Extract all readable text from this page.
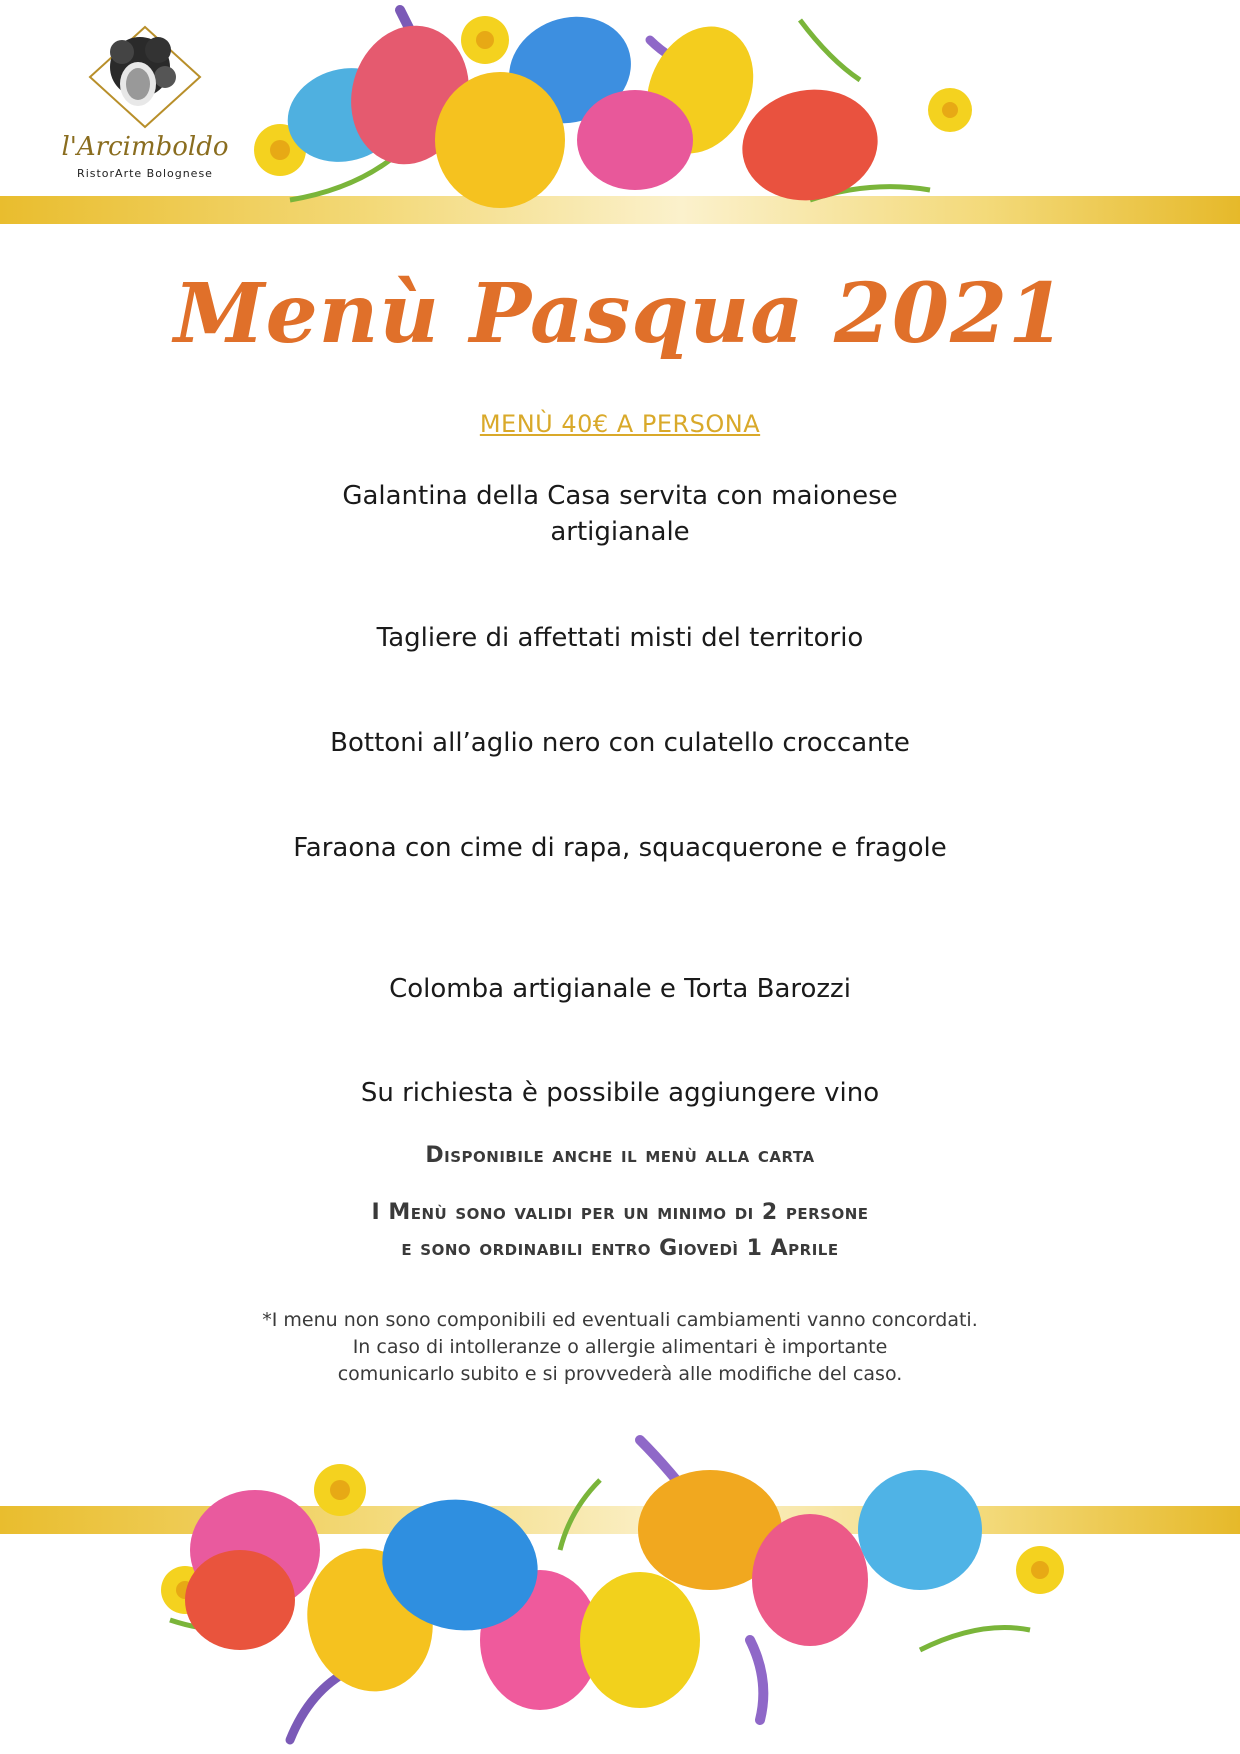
l'Arcimboldo
RistorArte Bolognese
Menù Pasqua 2021
MENÙ 40€ A PERSONA
Galantina della Casa servita con maionese artigianale
Tagliere di affettati misti del territorio
Bottoni all’aglio nero con culatello croccante
Faraona con cime di rapa, squacquerone e fragole
Colomba artigianale e Torta Barozzi
Su richiesta è possibile aggiungere vino
Disponibile anche il menù alla carta
I Menù sono validi per un minimo di 2 persone
e sono ordinabili entro Giovedì 1 Aprile
*I menu non sono componibili ed eventuali cambiamenti vanno concordati.
In caso di intolleranze o allergie alimentari è importante
comunicarlo subito e si provvederà alle modifiche del caso.
